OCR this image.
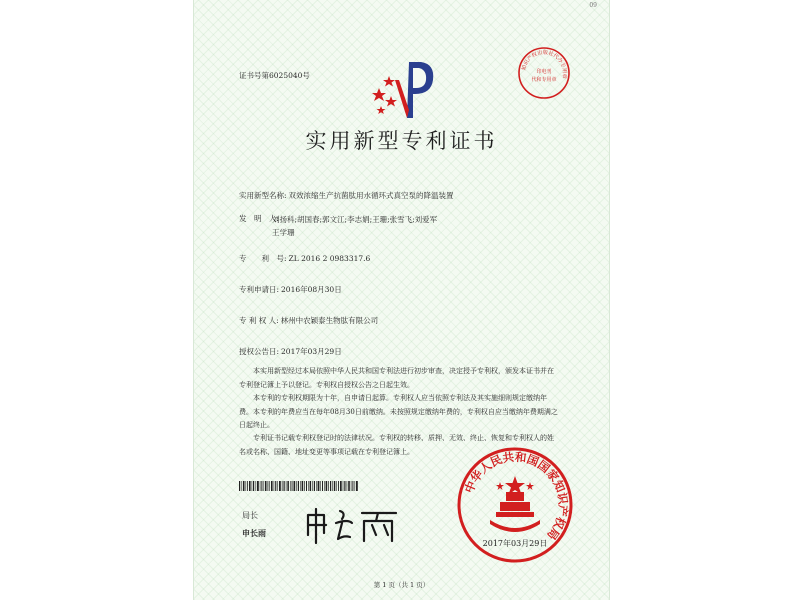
09
证书号第6025040号
知识产权出版社代办专用章
印电刊
代和专用章
实用新型专利证书
实用新型名称: 双效浓缩生产抗菌肽用水循环式真空泵的降温装置
发　明　人:
刘扬科;胡国春;郭文江;李志娟;王珊;张雪飞;刘爱军
王学珊
专　　利　号: ZL 2016 2 0983317.6
专利申请日: 2016年08月30日
专 利 权 人: 林州中农颖泰生物肽有限公司
授权公告日: 2017年03月29日
本实用新型经过本局依照中华人民共和国专利法进行初步审查，决定授予专利权，颁发本证书并在专利登记簿上予以登记。专利权自授权公告之日起生效。
本专利的专利权期限为十年，自申请日起算。专利权人应当依照专利法及其实施细则规定缴纳年费。本专利的年费应当在每年08月30日前缴纳。未按照规定缴纳年费的，专利权自应当缴纳年费期满之日起终止。
专利证书记载专利权登记时的法律状况。专利权的转移、质押、无效、终止、恢复和专利权人的姓名或名称、国籍、地址变更等事项记载在专利登记簿上。
局长
申长雨
中华人民共和国国家知识产权局
2017年03月29日
第 1 页（共 1 页）
